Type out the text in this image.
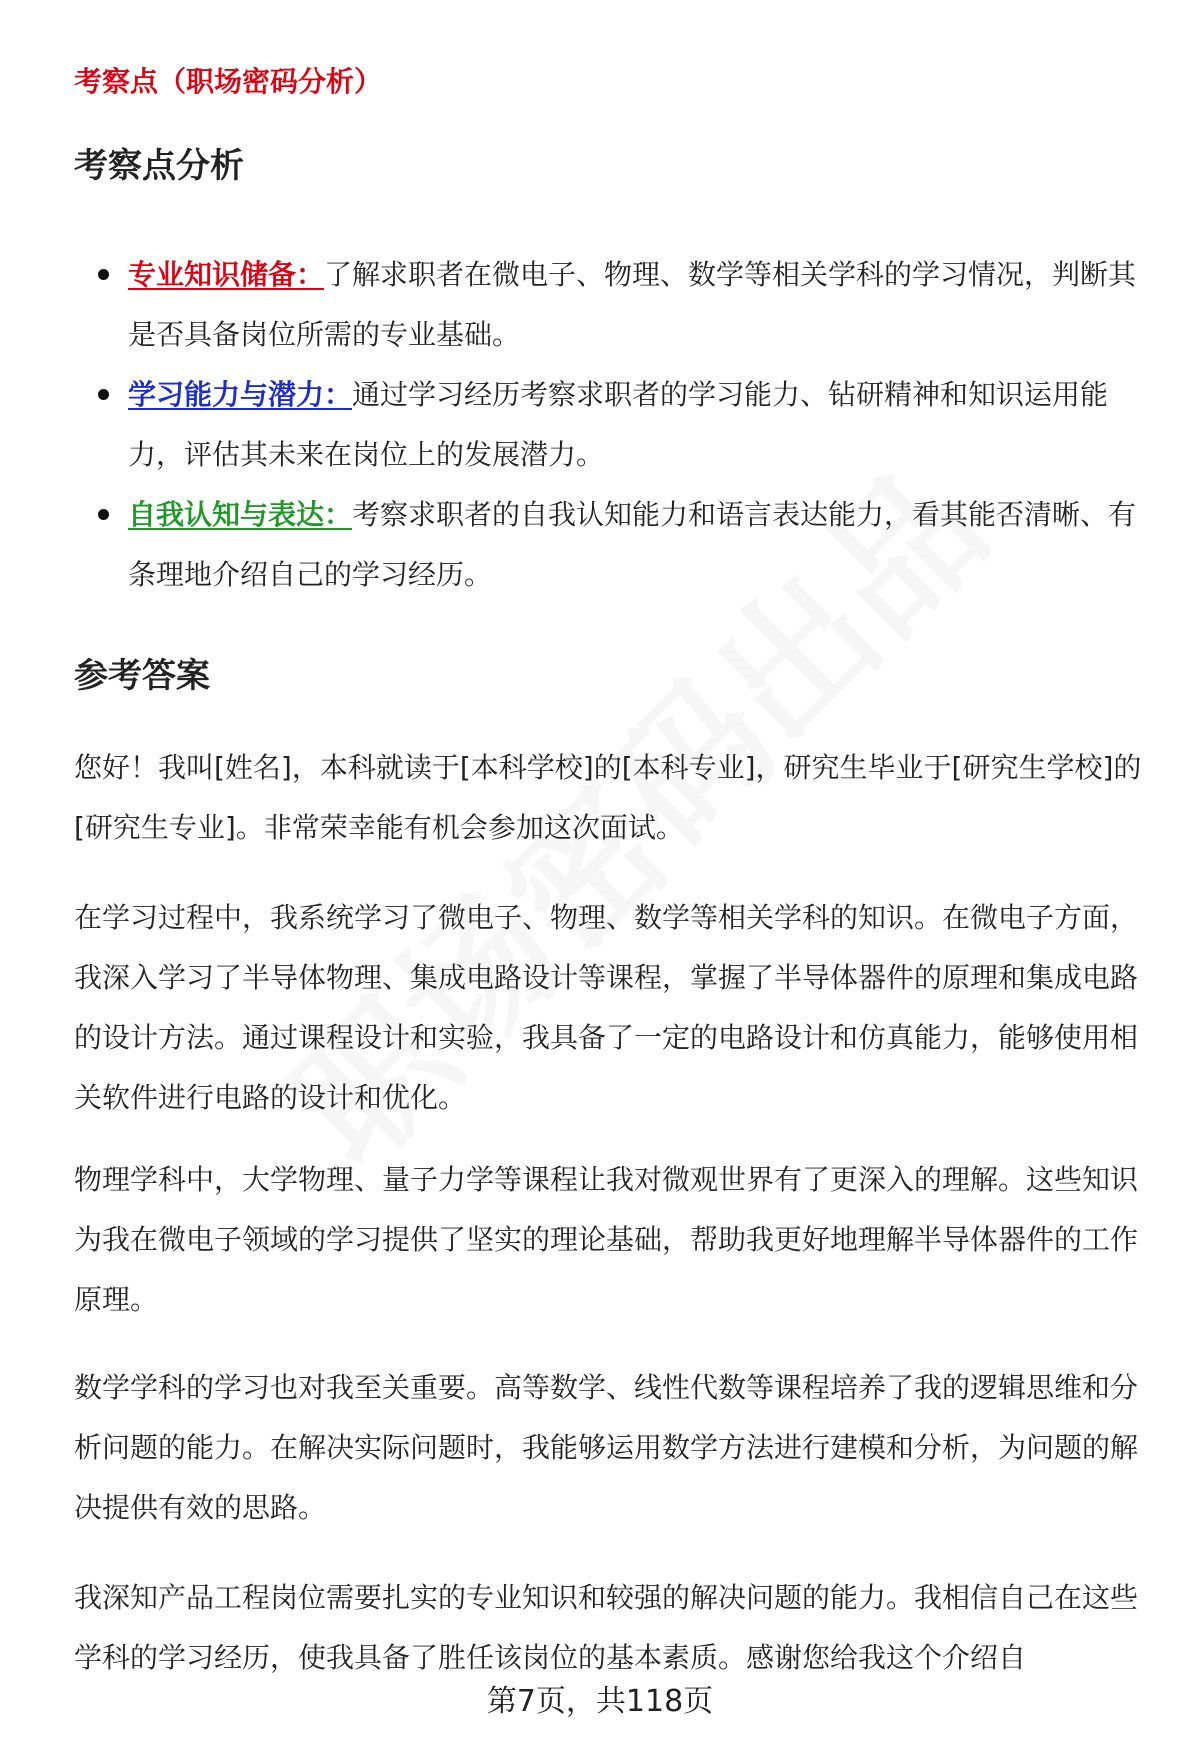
考察点（职场密码分析）
考察点分析
专业知识储备：了解求职者在微电子、物理、数学等相关学科的学习情况，判断其是否具备岗位所需的专业基础。
学习能力与潜力：通过学习经历考察求职者的学习能力、钻研精神和知识运用能力，评估其未来在岗位上的发展潜力。
自我认知与表达：考察求职者的自我认知能力和语言表达能力，看其能否清晰、有条理地介绍自己的学习经历。
参考答案
您好！我叫[姓名]，本科就读于[本科学校]的[本科专业]，研究生毕业于[研究生学校]的[研究生专业]。非常荣幸能有机会参加这次面试。
在学习过程中，我系统学习了微电子、物理、数学等相关学科的知识。在微电子方面，我深入学习了半导体物理、集成电路设计等课程，掌握了半导体器件的原理和集成电路的设计方法。通过课程设计和实验，我具备了一定的电路设计和仿真能力，能够使用相关软件进行电路的设计和优化。
物理学科中，大学物理、量子力学等课程让我对微观世界有了更深入的理解。这些知识为我在微电子领域的学习提供了坚实的理论基础，帮助我更好地理解半导体器件的工作原理。
数学学科的学习也对我至关重要。高等数学、线性代数等课程培养了我的逻辑思维和分析问题的能力。在解决实际问题时，我能够运用数学方法进行建模和分析，为问题的解决提供有效的思路。
我深知产品工程岗位需要扎实的专业知识和较强的解决问题的能力。我相信自己在这些学科的学习经历，使我具备了胜任该岗位的基本素质。感谢您给我这个介绍自
第7页，共118页
